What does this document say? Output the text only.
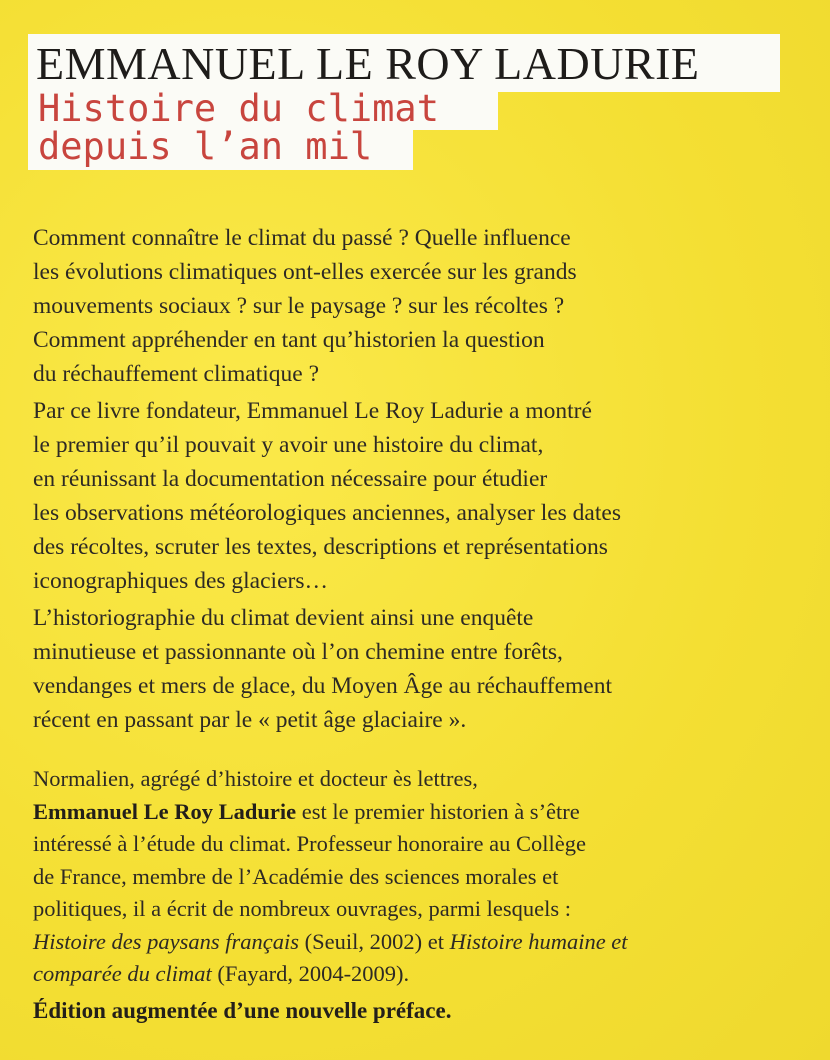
EMMANUEL LE ROY LADURIE
Histoire du climat
depuis l’an mil
Comment connaître le climat du passé ? Quelle influence
les évolutions climatiques ont-elles exercée sur les grands
mouvements sociaux ? sur le paysage ? sur les récoltes ?
Comment appréhender en tant qu’historien la question
du réchauffement climatique ?
Par ce livre fondateur, Emmanuel Le Roy Ladurie a montré
le premier qu’il pouvait y avoir une histoire du climat,
en réunissant la documentation nécessaire pour étudier
les observations météorologiques anciennes, analyser les dates
des récoltes, scruter les textes, descriptions et représentations
iconographiques des glaciers…
L’historiographie du climat devient ainsi une enquête
minutieuse et passionnante où l’on chemine entre forêts,
vendanges et mers de glace, du Moyen Âge au réchauffement
récent en passant par le « petit âge glaciaire ».
Normalien, agrégé d’histoire et docteur ès lettres,
Emmanuel Le Roy Ladurie est le premier historien à s’être
intéressé à l’étude du climat. Professeur honoraire au Collège
de France, membre de l’Académie des sciences morales et
politiques, il a écrit de nombreux ouvrages, parmi lesquels :
Histoire des paysans français (Seuil, 2002) et Histoire humaine et
comparée du climat (Fayard, 2004-2009).
Édition augmentée d’une nouvelle préface.
